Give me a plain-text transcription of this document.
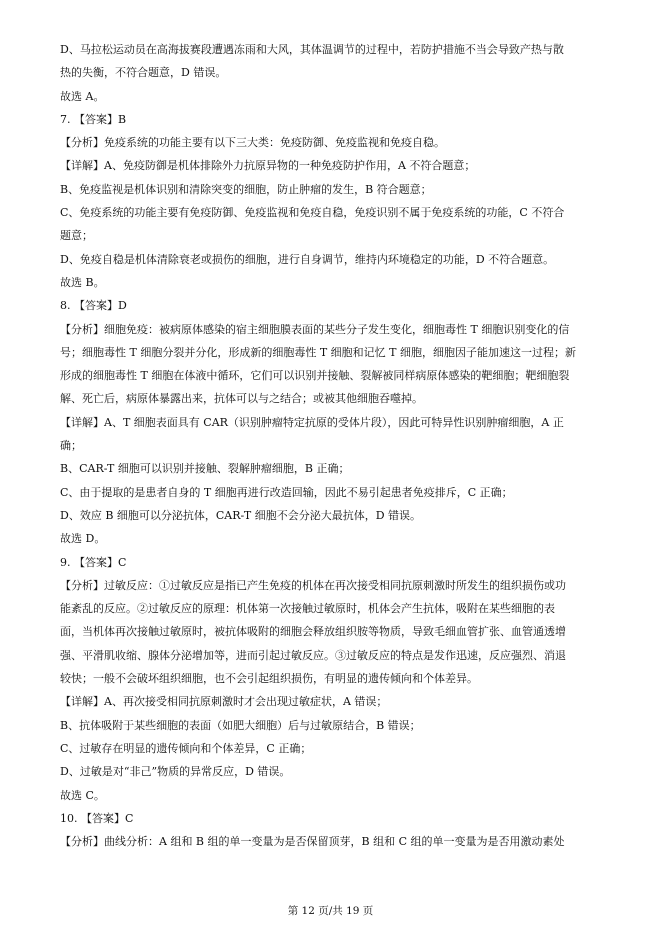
D、马拉松运动员在高海拔赛段遭遇冻雨和大风，其体温调节的过程中，若防护措施不当会导致产热与散
热的失衡，不符合题意，D 错误。
故选 A。
7. 【答案】B
【分析】免疫系统的功能主要有以下三大类：免疫防御、免疫监视和免疫自稳。
【详解】A、免疫防御是机体排除外力抗原异物的一种免疫防护作用，A 不符合题意；
B、免疫监视是机体识别和清除突变的细胞，防止肿瘤的发生，B 符合题意；
C、免疫系统的功能主要有免疫防御、免疫监视和免疫自稳，免疫识别不属于免疫系统的功能，C 不符合
题意；
D、免疫自稳是机体清除衰老或损伤的细胞，进行自身调节，维持内环境稳定的功能，D 不符合题意。
故选 B。
8. 【答案】D
【分析】细胞免疫：被病原体感染的宿主细胞膜表面的某些分子发生变化，细胞毒性 T 细胞识别变化的信
号；细胞毒性 T 细胞分裂并分化，形成新的细胞毒性 T 细胞和记忆 T 细胞，细胞因子能加速这一过程；新
形成的细胞毒性 T 细胞在体液中循环，它们可以识别并接触、裂解被同样病原体感染的靶细胞；靶细胞裂
解、死亡后，病原体暴露出来，抗体可以与之结合；或被其他细胞吞噬掉。
【详解】A、T 细胞表面具有 CAR（识别肿瘤特定抗原的受体片段），因此可特异性识别肿瘤细胞，A 正
确；
B、CAR-T 细胞可以识别并接触、裂解肿瘤细胞，B 正确；
C、由于提取的是患者自身的 T 细胞再进行改造回输，因此不易引起患者免疫排斥，C 正确；
D、效应 B 细胞可以分泌抗体，CAR-T 细胞不会分泌大最抗体，D 错误。
故选 D。
9. 【答案】C
【分析】过敏反应：①过敏反应是指已产生免疫的机体在再次接受相同抗原刺激时所发生的组织损伤或功
能紊乱的反应。②过敏反应的原理：机体第一次接触过敏原时，机体会产生抗体，吸附在某些细胞的表
面，当机体再次接触过敏原时，被抗体吸附的细胞会释放组织胺等物质，导致毛细血管扩张、血管通透增
强、平滑肌收缩、腺体分泌增加等，进而引起过敏反应。③过敏反应的特点是发作迅速，反应强烈、消退
较快；一般不会破坏组织细胞，也不会引起组织损伤，有明显的遗传倾向和个体差异。
【详解】A、再次接受相同抗原刺激时才会出现过敏症状，A 错误；
B、抗体吸附于某些细胞的表面（如肥大细胞）后与过敏原结合，B 错误；
C、过敏存在明显的遗传倾向和个体差异，C 正确；
D、过敏是对“非己”物质的异常反应，D 错误。
故选 C。
10. 【答案】C
【分析】曲线分析：A 组和 B 组的单一变量为是否保留顶芽，B 组和 C 组的单一变量为是否用激动素处
第 12 页/共 19 页
